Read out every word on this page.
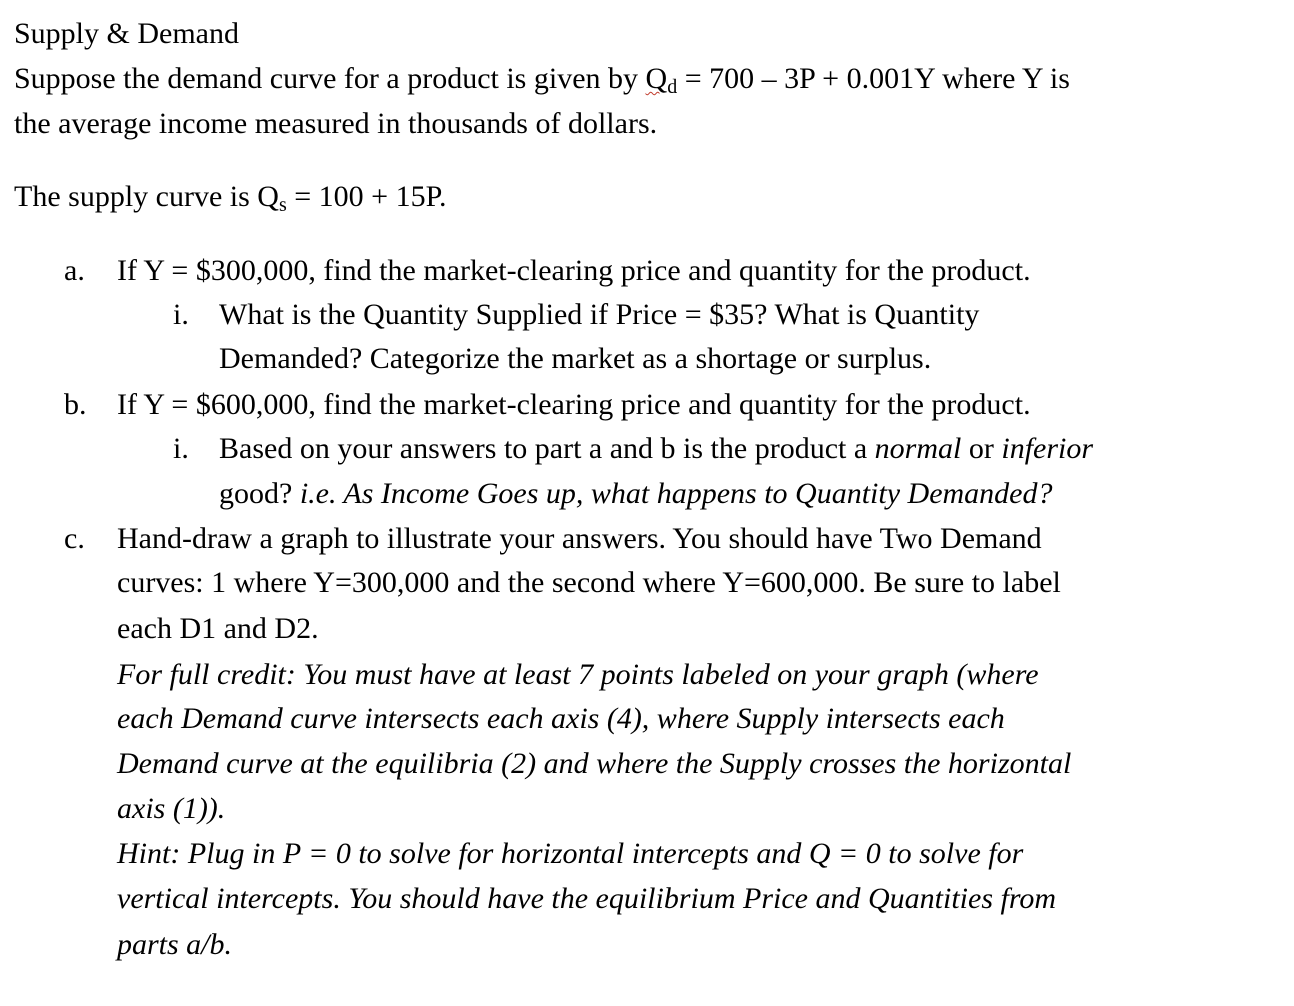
Supply & Demand
Suppose the demand curve for a product is given by $Q_d = 700 - 3P + 0.001Y$ where Y is
the average income measured in thousands of dollars.
The supply curve is $Q_s = 100 + 15P$.
a. If Y = $300,000, find the market-clearing price and quantity for the product.
i. What is the Quantity Supplied if Price = $35? What is Quantity
Demanded? Categorize the market as a shortage or surplus.
b. If Y = $600,000, find the market-clearing price and quantity for the product.
i. Based on your answers to part a and b is the product a normal or inferior
good? i.e. As Income Goes up, what happens to Quantity Demanded?
c. Hand-draw a graph to illustrate your answers. You should have Two Demand
curves: 1 where Y=300,000 and the second where Y=600,000. Be sure to label
each D1 and D2.
For full credit: You must have at least 7 points labeled on your graph (where
each Demand curve intersects each axis (4), where Supply intersects each
Demand curve at the equilibria (2) and where the Supply crosses the horizontal
axis (1)).
Hint: Plug in P = 0 to solve for horizontal intercepts and Q = 0 to solve for
vertical intercepts. You should have the equilibrium Price and Quantities from
parts a/b.
